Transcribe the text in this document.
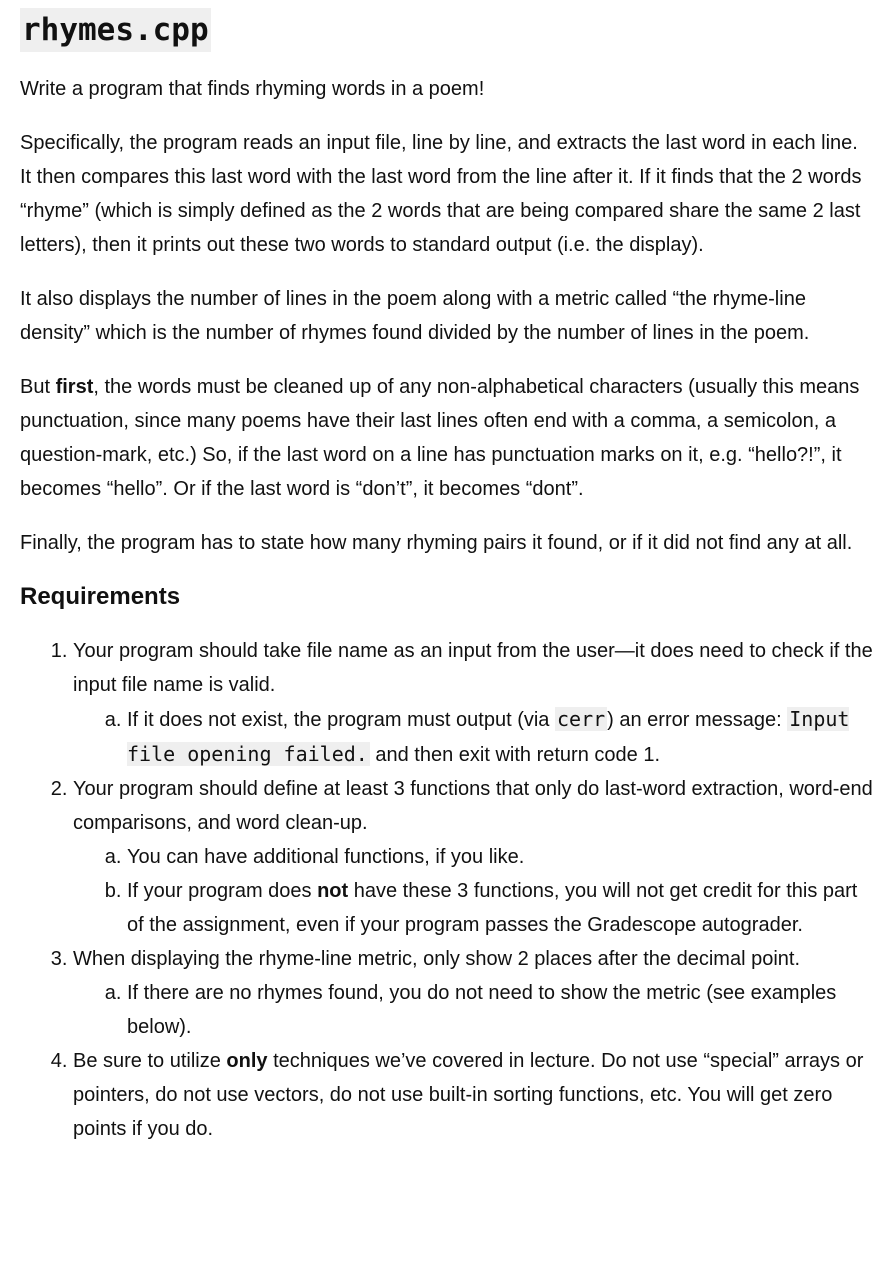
rhymes.cpp

Write a program that finds rhyming words in a poem!

Specifically, the program reads an input file, line by line, and extracts the last word in each line. It then compares this last word with the last word from the line after it. If it finds that the 2 words “rhyme” (which is simply defined as the 2 words that are being compared share the same 2 last letters), then it prints out these two words to standard output (i.e. the display).

It also displays the number of lines in the poem along with a metric called “the rhyme-line density” which is the number of rhymes found divided by the number of lines in the poem.

But first, the words must be cleaned up of any non-alphabetical characters (usually this means punctuation, since many poems have their last lines often end with a comma, a semicolon, a question-mark, etc.) So, if the last word on a line has punctuation marks on it, e.g. “hello?!”, it becomes “hello”. Or if the last word is “don’t”, it becomes “dont”.

Finally, the program has to state how many rhyming pairs it found, or if it did not find any at all.

Requirements
1. Your program should take file name as an input from the user—it does need to check if the input file name is valid.
a. If it does not exist, the program must output (via cerr ) an error message: Input file opening failed. and then exit with return code 1.
2. Your program should define at least 3 functions that only do last-word extraction, word-end comparisons, and word clean-up.
a. You can have additional functions, if you like.
b. If your program does not have these 3 functions, you will not get credit for this part of the assignment, even if your program passes the Gradescope autograder.
3. When displaying the rhyme-line metric, only show 2 places after the decimal point.
a. If there are no rhymes found, you do not need to show the metric (see examples below).
4. Be sure to utilize only techniques we’ve covered in lecture. Do not use “special” arrays or pointers, do not use vectors, do not use built-in sorting functions, etc. You will get zero points if you do.
